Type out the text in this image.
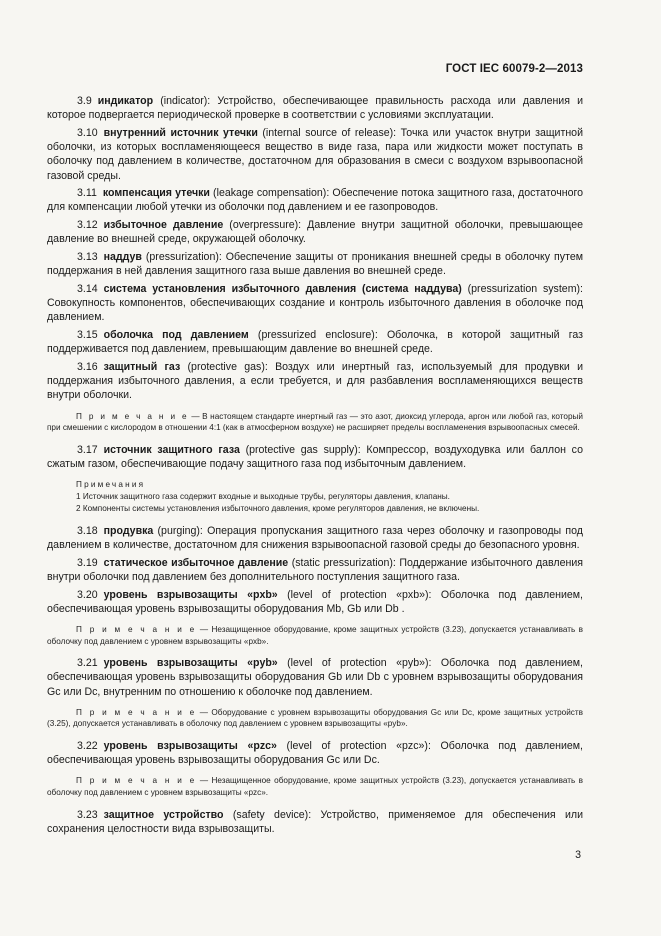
ГОСТ IEC 60079-2—2013

3.9 индикатор (indicator): Устройство, обеспечивающее правильность расхода или давления и которое подвергается периодической проверке в соответствии с условиями эксплуатации.

3.10 внутренний источник утечки (internal source of release): Точка или участок внутри защитной оболочки, из которых воспламеняющееся вещество в виде газа, пара или жидкости может поступать в оболочку под давлением в количестве, достаточном для образования в смеси с воздухом взрывоопасной газовой среды.

3.11 компенсация утечки (leakage compensation): Обеспечение потока защитного газа, достаточного для компенсации любой утечки из оболочки под давлением и ее газопроводов.

3.12 избыточное давление (overpressure): Давление внутри защитной оболочки, превышающее давление во внешней среде, окружающей оболочку.

3.13 наддув (pressurization): Обеспечение защиты от проникания внешней среды в оболочку путем поддержания в ней давления защитного газа выше давления во внешней среде.

3.14 система установления избыточного давления (система наддува) (pressurization system): Совокупность компонентов, обеспечивающих создание и контроль избыточного давления в оболочке под давлением.

3.15 оболочка под давлением (pressurized enclosure): Оболочка, в которой защитный газ поддерживается под давлением, превышающим давление во внешней среде.

3.16 защитный газ (protective gas): Воздух или инертный газ, используемый для продувки и поддержания избыточного давления, а если требуется, и для разбавления воспламеняющихся веществ внутри оболочки.

П р и м е ч а н и е — В настоящем стандарте инертный газ — это азот, диоксид углерода, аргон или любой газ, который при смешении с кислородом в отношении 4:1 (как в атмосферном воздухе) не расширяет пределы воспламенения взрывоопасных смесей.

3.17 источник защитного газа (protective gas supply): Компрессор, воздуходувка или баллон со сжатым газом, обеспечивающие подачу защитного газа под избыточным давлением.

Примечания

1 Источник защитного газа содержит входные и выходные трубы, регуляторы давления, клапаны.

2 Компоненты системы установления избыточного давления, кроме регуляторов давления, не включены.

3.18 продувка (purging): Операция пропускания защитного газа через оболочку и газопроводы под давлением в количестве, достаточном для снижения взрывоопасной газовой среды до безопасного уровня.

3.19 статическое избыточное давление (static pressurization): Поддержание избыточного давления внутри оболочки под давлением без дополнительного поступления защитного газа.

3.20 уровень взрывозащиты «pxb» (level of protection «pxb»): Оболочка под давлением, обеспечивающая уровень взрывозащиты оборудования Mb, Gb или Db .

П р и м е ч а н и е — Незащищенное оборудование, кроме защитных устройств (3.23), допускается устанавливать в оболочку под давлением с уровнем взрывозащиты «pxb».

3.21 уровень взрывозащиты «pyb» (level of protection «pyb»): Оболочка под давлением, обеспечивающая уровень взрывозащиты оборудования Gb или Db с уровнем взрывозащиты оборудования Gc или Dc, внутренним по отношению к оболочке под давлением.

П р и м е ч а н и е — Оборудование с уровнем взрывозащиты оборудования Gc или Dc, кроме защитных устройств (3.25), допускается устанавливать в оболочку под давлением с уровнем взрывозащиты «pyb».

3.22 уровень взрывозащиты «pzc» (level of protection «pzc»): Оболочка под давлением, обеспечивающая уровень взрывозащиты оборудования Gc или Dc.

П р и м е ч а н и е — Незащищенное оборудование, кроме защитных устройств (3.23), допускается устанавливать в оболочку под давлением с уровнем взрывозащиты «pzc».

3.23 защитное устройство (safety device): Устройство, применяемое для обеспечения или сохранения целостности вида взрывозащиты.

3
